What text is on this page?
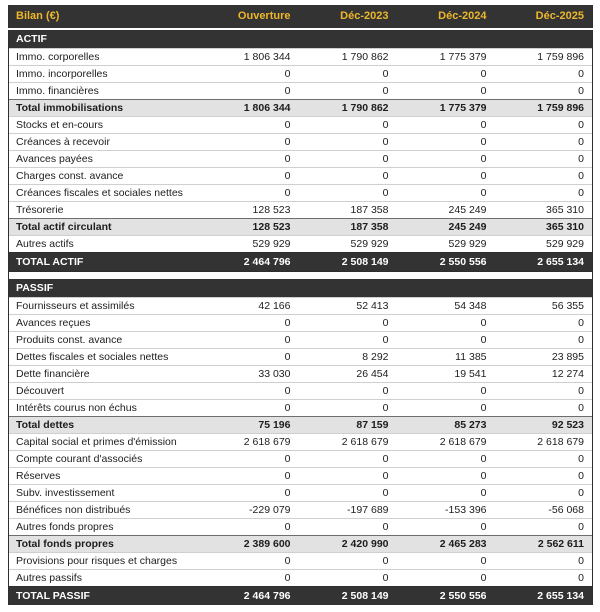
Bilan (€)	Ouverture	Déc-2023	Déc-2024	Déc-2025
ACTIF				
Immo. corporelles	1 806 344	1 790 862	1 775 379	1 759 896
Immo. incorporelles	0	0	0	0
Immo. financières	0	0	0	0
Total immobilisations	1 806 344	1 790 862	1 775 379	1 759 896
Stocks et en-cours	0	0	0	0
Créances à recevoir	0	0	0	0
Avances payées	0	0	0	0
Charges const. avance	0	0	0	0
Créances fiscales et sociales nettes	0	0	0	0
Trésorerie	128 523	187 358	245 249	365 310
Total actif circulant	128 523	187 358	245 249	365 310
Autres actifs	529 929	529 929	529 929	529 929
TOTAL ACTIF	2 464 796	2 508 149	2 550 556	2 655 134

PASSIF				
Fournisseurs et assimilés	42 166	52 413	54 348	56 355
Avances reçues	0	0	0	0
Produits const. avance	0	0	0	0
Dettes fiscales et sociales nettes	0	8 292	11 385	23 895
Dette financière	33 030	26 454	19 541	12 274
Découvert	0	0	0	0
Intérêts courus non échus	0	0	0	0
Total dettes	75 196	87 159	85 273	92 523
Capital social et primes d'émission	2 618 679	2 618 679	2 618 679	2 618 679
Compte courant d'associés	0	0	0	0
Réserves	0	0	0	0
Subv. investissement	0	0	0	0
Bénéfices non distribués	-229 079	-197 689	-153 396	-56 068
Autres fonds propres	0	0	0	0
Total fonds propres	2 389 600	2 420 990	2 465 283	2 562 611
Provisions pour risques et charges	0	0	0	0
Autres passifs	0	0	0	0
TOTAL PASSIF	2 464 796	2 508 149	2 550 556	2 655 134
